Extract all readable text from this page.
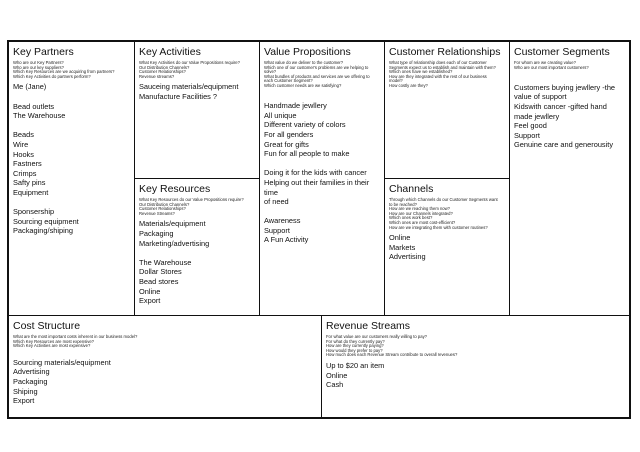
Key Partners
Who are our Key Partners?
Who are our key suppliers?
Which Key Resources are we acquiring from partners?
Which Key Activities do partners perform?
Me (Jane)
Bead outlets
The Warehouse
Beads
Wire
Hooks
Fastners
Crimps
Safty pins
Equipment
Sponsership
Sourcing equipment
Packaging/shiping
Key Activities
What Key Activities do our Value Propositions require?
Our Distribution Channels?
Customer Relationships?
Revenue streams?
Sauceing materials/equipment
Manufacture Facilities ?
Key Resources
What Key Resources do our Value Propositions require?
Our Distribution Channels?
Customer Relationships?
Revenue Streams?
Materials/equipment
Packaging
Marketing/advertising
The Warehouse
Dollar Stores
Bead stores
Online
Export
Value Propositions
What value do we deliver to the customer?
Which one of our customer's problems are we helping to
solve?
What bundles of products and services are we offering to
each Customer Segment?
Which customer needs are we satisfying?
Handmade jewllery
All unique
Different variety of colors
For all genders
Great for gifts
Fun for all people to make
Doing it for the kids with cancer
Helping out their families in their time
of need
Awareness
Support
A Fun Activity
Customer Relationships
What type of relationship does each of our Customer
Segments expect us to establish and maintain with them?
Which ones have we established?
How are they integrated with the rest of our business
model?
How costly are they?
Channels
Through which Channels do our Customer Segments want
to be reached?
How are we reaching them now?
How are our Channels integrated?
Which ones work best?
Which ones are most cost-efficient?
How are we integrating them with customer routines?
Online
Markets
Advertising
Customer Segments
For whom are we creating value?
Who are our most important customers?
Customers buying jewllery -the
value of support
Kidswith cancer -gifted hand
made jewllery
Feel good
Support
Genuine care and generousity
Cost Structure
What are the most important costs inherent in our business model?
Which Key Resources are most expensive?
Which Key Activities are most expensive?
Sourcing materials/equipment
Advertising
Packaging
Shiping
Export
Revenue Streams
For what value are our customers really willing to pay?
For what do they currently pay?
How are they currently paying?
How would they prefer to pay?
How much does each Revenue Stream contribute to overall revenues?
Up to $20 an item
Online
Cash
